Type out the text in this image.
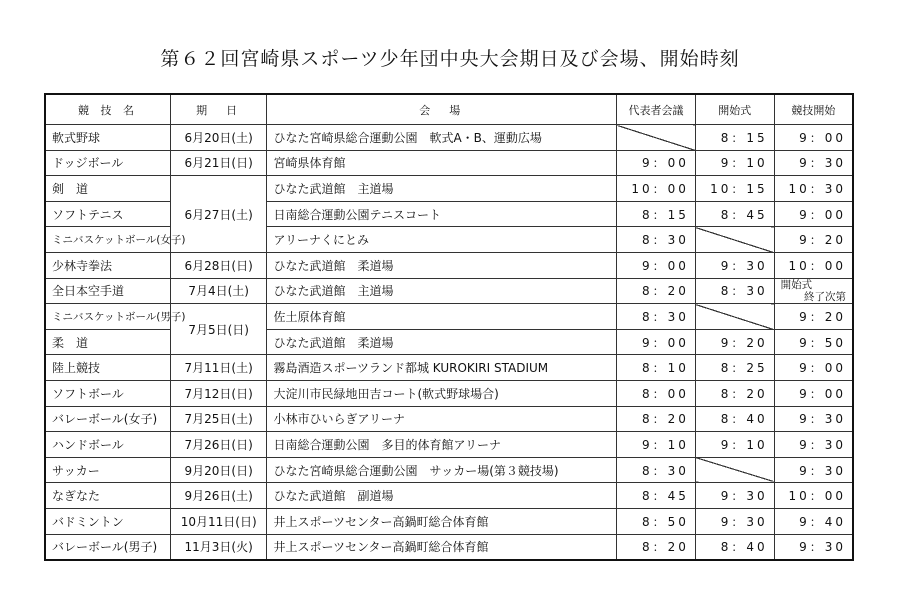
第６２回宮崎県スポーツ少年団中央大会期日及び会場、開始時刻
競 技 名	期　日	会　場	代表者会議	開始式	競技開始
軟式野球	6月20日(土)	ひなた宮崎県総合運動公園　軟式A・B、運動広場		8：15	9：00
ドッジボール	6月21日(日)	宮崎県体育館	9：00	9：10	9：30
剣　道	6月27日(土)	ひなた武道館　主道場	10：00	10：15	10：30
ソフトテニス		日南総合運動公園テニスコート	8：15	8：45	9：00
ミニバスケットボール(女子)		アリーナくにとみ	8：30		9：20
少林寺拳法	6月28日(日)	ひなた武道館　柔道場	9：00	9：30	10：00
全日本空手道	7月4日(土)	ひなた武道館　主道場	8：20	8：30	開始式
終了次第

ミニバスケットボール(男子)	7月5日(日)	佐土原体育館	8：30		9：20
柔　道		ひなた武道館　柔道場	9：00	9：20	9：50
陸上競技	7月11日(土)	霧島酒造スポーツランド都城 KUROKIRI STADIUM	8：10	8：25	9：00
ソフトボール	7月12日(日)	大淀川市民緑地田吉コート(軟式野球場合)	8：00	8：20	9：00
バレーボール(女子)	7月25日(土)	小林市ひいらぎアリーナ	8：20	8：40	9：30
ハンドボール	7月26日(日)	日南総合運動公園　多目的体育館アリーナ	9：10	9：10	9：30
サッカー	9月20日(日)	ひなた宮崎県総合運動公園　サッカー場(第３競技場)	8：30		9：30
なぎなた	9月26日(土)	ひなた武道館　副道場	8：45	9：30	10：00
バドミントン	10月11日(日)	井上スポーツセンター高鍋町総合体育館	8：50	9：30	9：40
バレーボール(男子)	11月3日(火)	井上スポーツセンター高鍋町総合体育館	8：20	8：40	9：30
